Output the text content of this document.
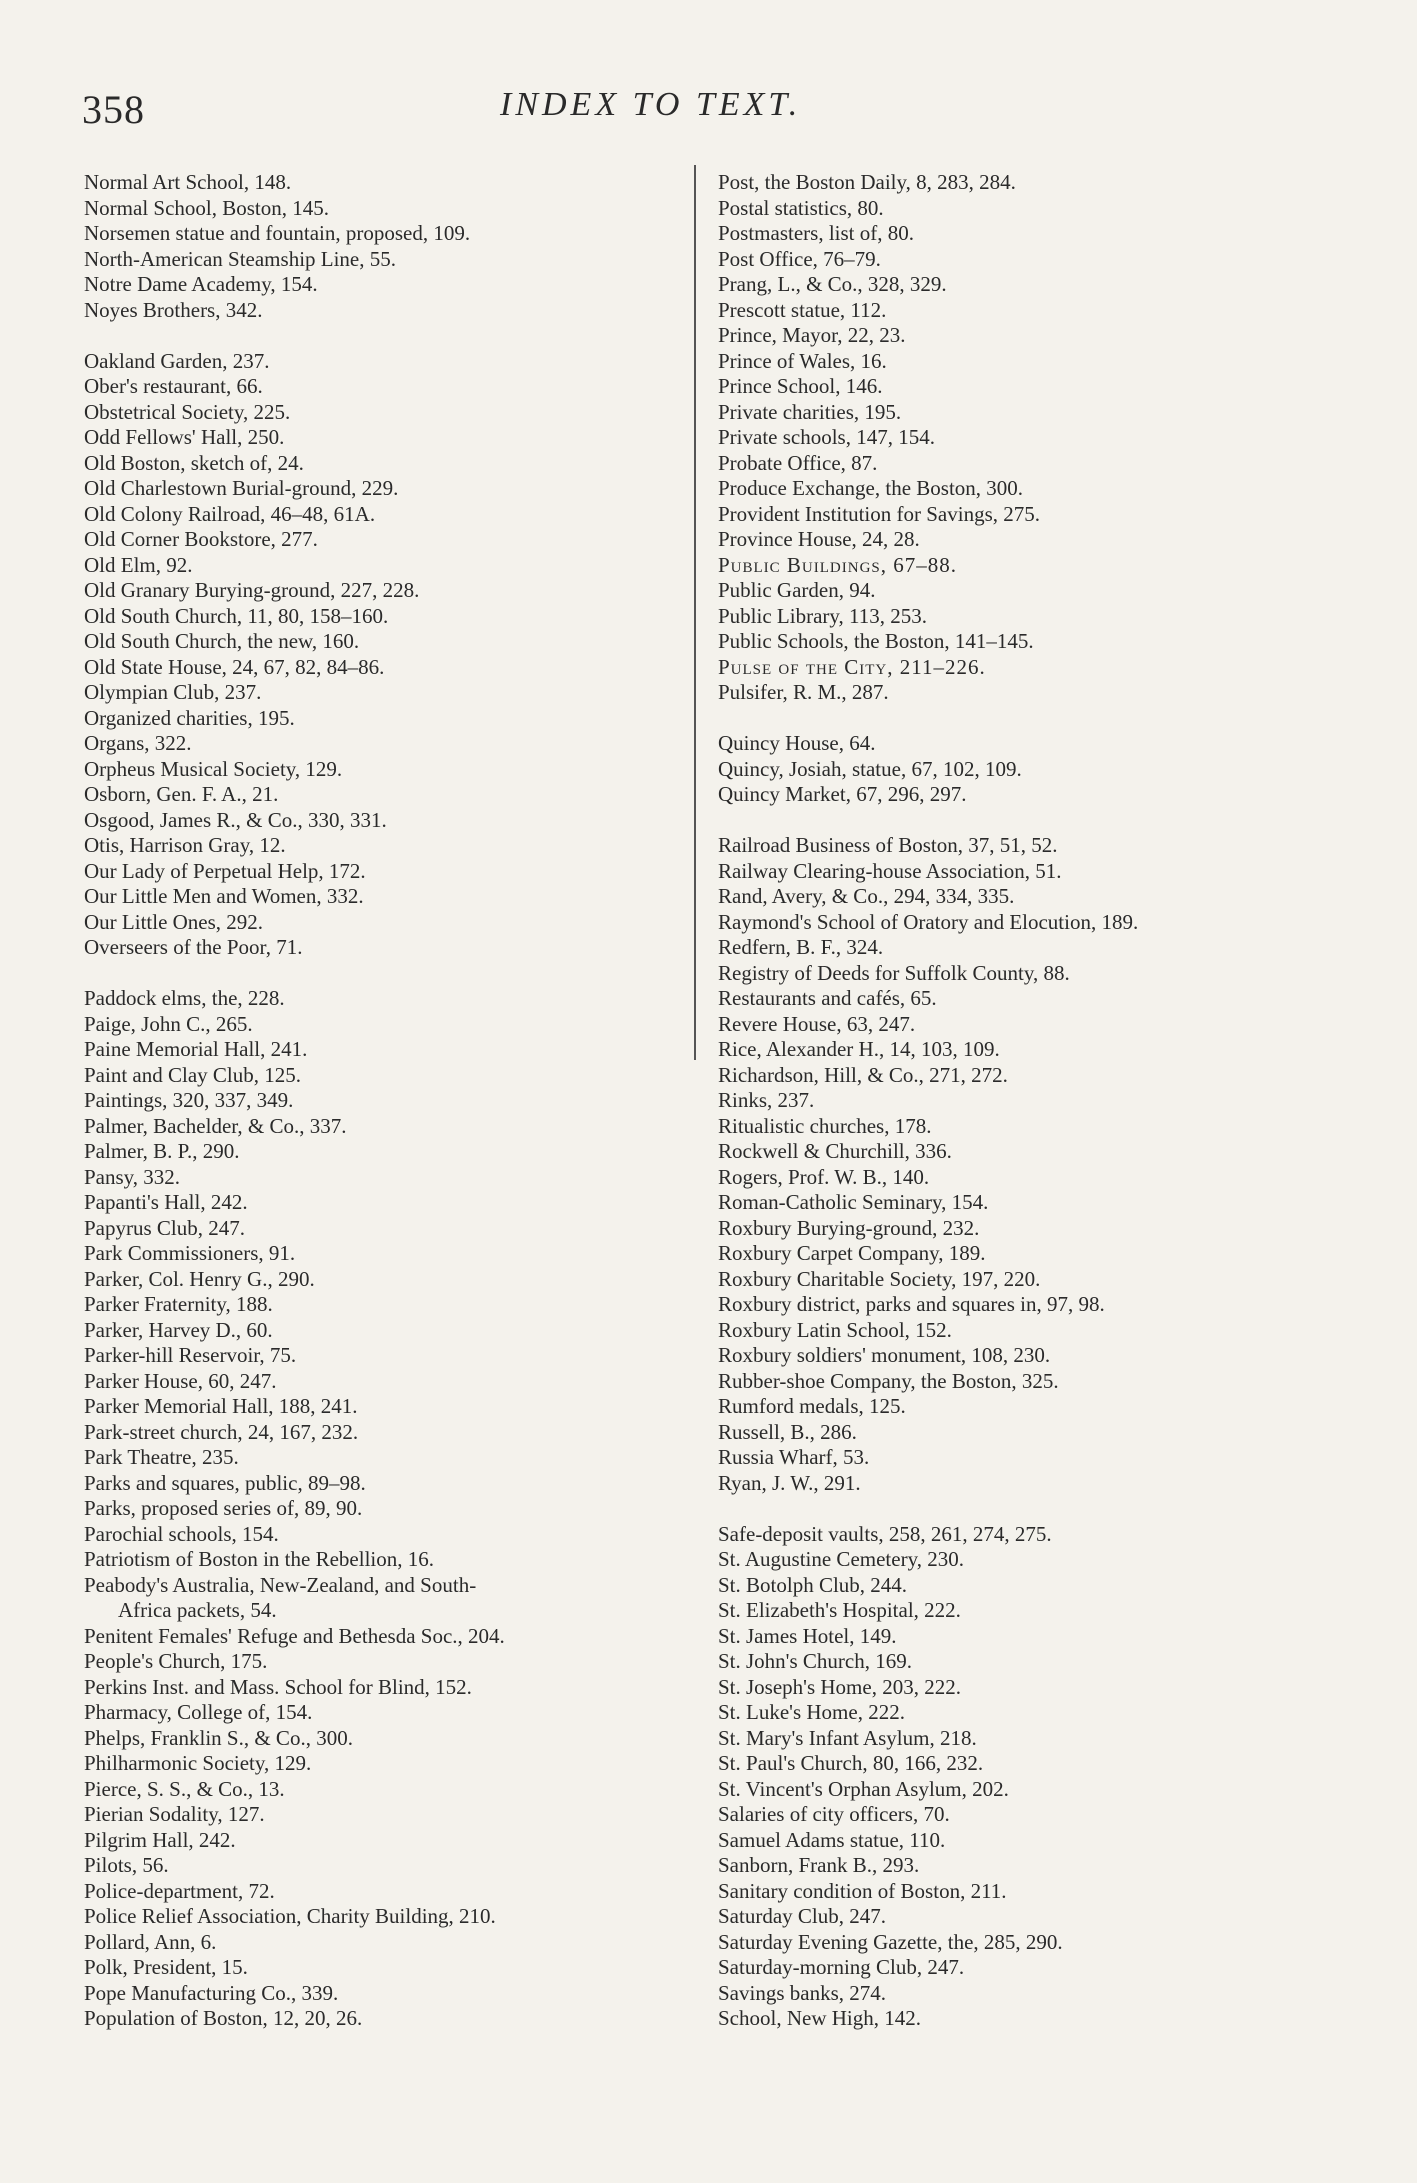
358	INDEX TO TEXT.
Normal Art School, 148.
Normal School, Boston, 145.
Norsemen statue and fountain, proposed, 109.
North-American Steamship Line, 55.
Notre Dame Academy, 154.
Noyes Brothers, 342.
Oakland Garden, 237.
Ober's restaurant, 66.
Obstetrical Society, 225.
Odd Fellows' Hall, 250.
Old Boston, sketch of, 24.
Old Charlestown Burial-ground, 229.
Old Colony Railroad, 46–48, 61A.
Old Corner Bookstore, 277.
Old Elm, 92.
Old Granary Burying-ground, 227, 228.
Old South Church, 11, 80, 158–160.
Old South Church, the new, 160.
Old State House, 24, 67, 82, 84–86.
Olympian Club, 237.
Organized charities, 195.
Organs, 322.
Orpheus Musical Society, 129.
Osborn, Gen. F. A., 21.
Osgood, James R., & Co., 330, 331.
Otis, Harrison Gray, 12.
Our Lady of Perpetual Help, 172.
Our Little Men and Women, 332.
Our Little Ones, 292.
Overseers of the Poor, 71.
Paddock elms, the, 228.
Paige, John C., 265.
Paine Memorial Hall, 241.
Paint and Clay Club, 125.
Paintings, 320, 337, 349.
Palmer, Bachelder, & Co., 337.
Palmer, B. P., 290.
Pansy, 332.
Papanti's Hall, 242.
Papyrus Club, 247.
Park Commissioners, 91.
Parker, Col. Henry G., 290.
Parker Fraternity, 188.
Parker, Harvey D., 60.
Parker-hill Reservoir, 75.
Parker House, 60, 247.
Parker Memorial Hall, 188, 241.
Park-street church, 24, 167, 232.
Park Theatre, 235.
Parks and squares, public, 89–98.
Parks, proposed series of, 89, 90.
Parochial schools, 154.
Patriotism of Boston in the Rebellion, 16.
Peabody's Australia, New-Zealand, and South-
Africa packets, 54.
Penitent Females' Refuge and Bethesda Soc., 204.
People's Church, 175.
Perkins Inst. and Mass. School for Blind, 152.
Pharmacy, College of, 154.
Phelps, Franklin S., & Co., 300.
Philharmonic Society, 129.
Pierce, S. S., & Co., 13.
Pierian Sodality, 127.
Pilgrim Hall, 242.
Pilots, 56.
Police-department, 72.
Police Relief Association, Charity Building, 210.
Pollard, Ann, 6.
Polk, President, 15.
Pope Manufacturing Co., 339.
Population of Boston, 12, 20, 26.
Post, the Boston Daily, 8, 283, 284.
Postal statistics, 80.
Postmasters, list of, 80.
Post Office, 76–79.
Prang, L., & Co., 328, 329.
Prescott statue, 112.
Prince, Mayor, 22, 23.
Prince of Wales, 16.
Prince School, 146.
Private charities, 195.
Private schools, 147, 154.
Probate Office, 87.
Produce Exchange, the Boston, 300.
Provident Institution for Savings, 275.
Province House, 24, 28.
Public Buildings, 67–88.
Public Garden, 94.
Public Library, 113, 253.
Public Schools, the Boston, 141–145.
Pulse of the City, 211–226.
Pulsifer, R. M., 287.
Quincy House, 64.
Quincy, Josiah, statue, 67, 102, 109.
Quincy Market, 67, 296, 297.
Railroad Business of Boston, 37, 51, 52.
Railway Clearing-house Association, 51.
Rand, Avery, & Co., 294, 334, 335.
Raymond's School of Oratory and Elocution, 189.
Redfern, B. F., 324.
Registry of Deeds for Suffolk County, 88.
Restaurants and cafés, 65.
Revere House, 63, 247.
Rice, Alexander H., 14, 103, 109.
Richardson, Hill, & Co., 271, 272.
Rinks, 237.
Ritualistic churches, 178.
Rockwell & Churchill, 336.
Rogers, Prof. W. B., 140.
Roman-Catholic Seminary, 154.
Roxbury Burying-ground, 232.
Roxbury Carpet Company, 189.
Roxbury Charitable Society, 197, 220.
Roxbury district, parks and squares in, 97, 98.
Roxbury Latin School, 152.
Roxbury soldiers' monument, 108, 230.
Rubber-shoe Company, the Boston, 325.
Rumford medals, 125.
Russell, B., 286.
Russia Wharf, 53.
Ryan, J. W., 291.
Safe-deposit vaults, 258, 261, 274, 275.
St. Augustine Cemetery, 230.
St. Botolph Club, 244.
St. Elizabeth's Hospital, 222.
St. James Hotel, 149.
St. John's Church, 169.
St. Joseph's Home, 203, 222.
St. Luke's Home, 222.
St. Mary's Infant Asylum, 218.
St. Paul's Church, 80, 166, 232.
St. Vincent's Orphan Asylum, 202.
Salaries of city officers, 70.
Samuel Adams statue, 110.
Sanborn, Frank B., 293.
Sanitary condition of Boston, 211.
Saturday Club, 247.
Saturday Evening Gazette, the, 285, 290.
Saturday-morning Club, 247.
Savings banks, 274.
School, New High, 142.
